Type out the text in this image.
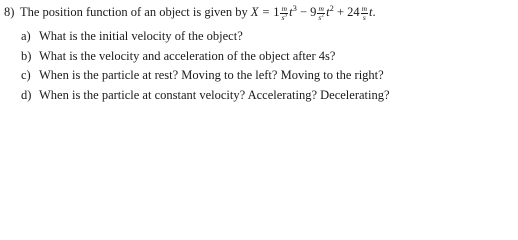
8) The position function of an object is given by
$X = 1 \frac{m}{s^3} t^3 - 9 \frac{m}{s^2} t^2 + 24 \frac{m}{s} t$.
a) What is the initial velocity of the object?
b) What is the velocity and acceleration of the object after 4s?
c) When is the particle at rest? Moving to the left? Moving to the right?
d) When is the particle at constant velocity? Accelerating? Decelerating?
